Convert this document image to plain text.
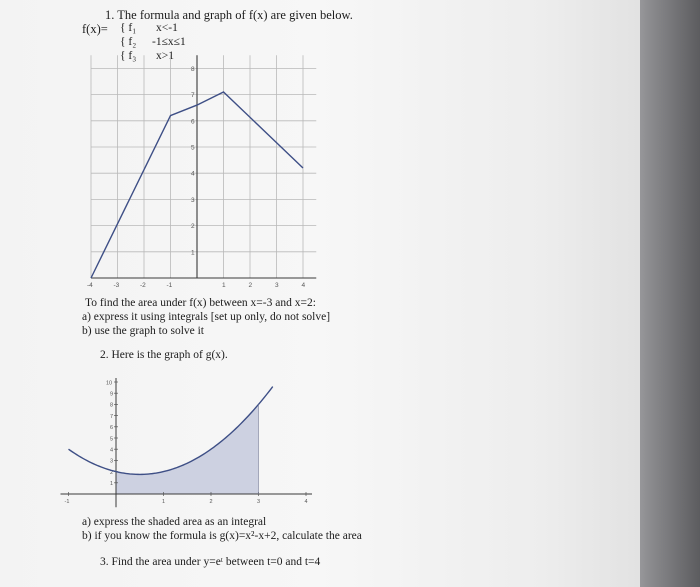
1. The formula and graph of f(x) are given below.
f(x)= { f₁ x<-1
{ f₂ -1≤x≤1
{ f₃ x>1
-4	-3	-2	-1	1	2	3	4
1
2
3
4
5
6
7
8
To find the area under f(x) between x=-3 and x=2:
a) express it using integrals [set up only, do not solve]
b) use the graph to solve it
2. Here is the graph of g(x).
1
2
3
4
5
6
7
8
9
10
-1	1	2	3	4
a) express the shaded area as an integral
b) if you know the formula is g(x)=x²-x+2, calculate the area
3. Find the area under y=eᵗ between t=0 and t=4
